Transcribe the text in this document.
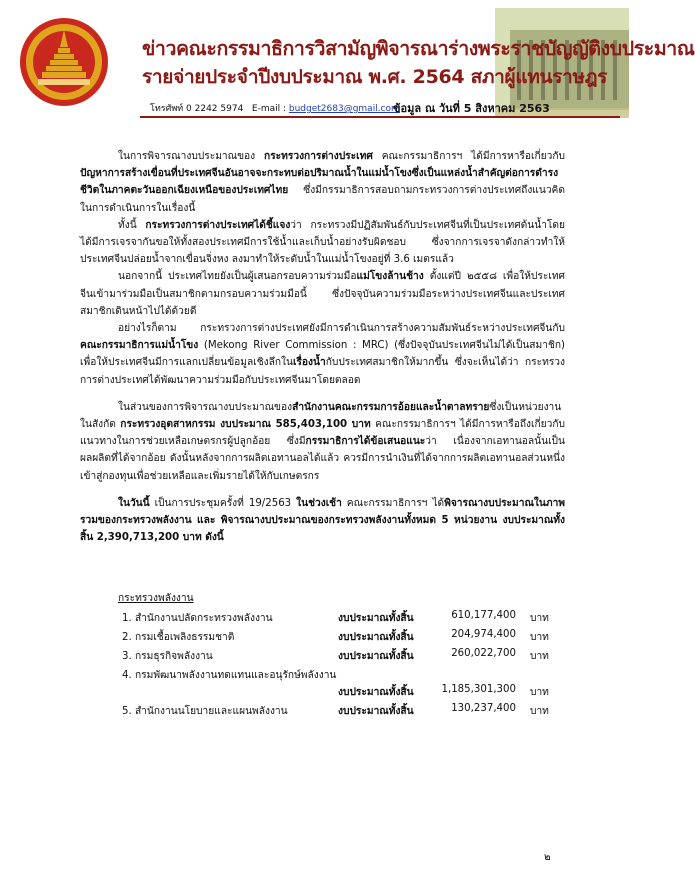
ข่าวคณะกรรมาธิการวิสามัญพิจารณาร่างพระราชบัญญัติงบประมาณ
รายจ่ายประจำปีงบประมาณ พ.ศ. 2564 สภาผู้แทนราษฎร
โทรศัพท์ 0 2242 5974 E-mail : budget2683@gmail.com
ข้อมูล ณ วันที่ 5 สิงหาคม 2563

ในการพิจารณางบประมาณของ กระทรวงการต่างประเทศ คณะกรรมาธิการฯ ได้มีการหารือเกี่ยวกับปัญหาการสร้างเขื่อนที่ประเทศจีนอันอาจจะกระทบต่อปริมาณน้ำในแม่น้ำโขงซึ่งเป็นแหล่งน้ำสำคัญต่อการดำรงชีวิตในภาคตะวันออกเฉียงเหนือของประเทศไทย ซึ่งมีกรรมาธิการสอบถามกระทรวงการต่างประเทศถึงแนวคิดในการดำเนินการในเรื่องนี้

ทั้งนี้ กระทรวงการต่างประเทศได้ชี้แจงว่า กระทรวงมีปฏิสัมพันธ์กับประเทศจีนที่เป็นประเทศต้นน้ำโดยได้มีการเจรจากันขอให้ทั้งสองประเทศมีการใช้น้ำและเก็บน้ำอย่างรับผิดชอบ ซึ่งจากการเจรจาดังกล่าวทำให้ประเทศจีนปล่อยน้ำจากเขื่อนจิ่งหง ลงมาทำให้ระดับน้ำในแม่น้ำโขงอยู่ที่ 3.6 เมตรแล้ว

นอกจากนี้ ประเทศไทยยังเป็นผู้เสนอกรอบความร่วมมือแม่โขงล้านช้าง ตั้งแต่ปี ๒๕๕๘ เพื่อให้ประเทศจีนเข้ามาร่วมมือเป็นสมาชิกตามกรอบความร่วมมือนี้ ซึ่งปัจจุบันความร่วมมือระหว่างประเทศจีนและประเทศสมาชิกเดินหน้าไปได้ด้วยดี

อย่างไรก็ตาม กระทรวงการต่างประเทศยังมีการดำเนินการสร้างความสัมพันธ์ระหว่างประเทศจีนกับ คณะกรรมาธิการแม่น้ำโขง (Mekong River Commission : MRC) (ซึ่งปัจจุบันประเทศจีนไม่ได้เป็นสมาชิก) เพื่อให้ประเทศจีนมีการแลกเปลี่ยนข้อมูลเชิงลึกในเรื่องน้ำกับประเทศสมาชิกให้มากขึ้น ซึ่งจะเห็นได้ว่า กระทรวงการต่างประเทศได้พัฒนาความร่วมมือกับประเทศจีนมาโดยตลอด

ในส่วนของการพิจารณางบประมาณของสำนักงานคณะกรรมการอ้อยและน้ำตาลทรายซึ่งเป็นหน่วยงานในสังกัด กระทรวงอุตสาหกรรม งบประมาณ 585,403,100 บาท คณะกรรมาธิการฯ ได้มีการหารือถึงเกี่ยวกับแนวทางในการช่วยเหลือเกษตรกรผู้ปลูกอ้อย ซึ่งมีกรรมาธิการได้ข้อเสนอแนะว่า เนื่องจากเอทานอลนั้นเป็นผลผลิตที่ได้จากอ้อย ดังนั้นหลังจากการผลิตเอทานอลได้แล้ว ควรมีการนำเงินที่ได้จากการผลิตเอทานอลส่วนหนึ่งเข้าสู่กองทุนเพื่อช่วยเหลือและเพิ่มรายได้ให้กับเกษตรกร

ในวันนี้ เป็นการประชุมครั้งที่ 19/2563 ในช่วงเช้า คณะกรรมาธิการฯ ได้พิจารณางบประมาณในภาพรวมของกระทรวงพลังงาน และ พิจารณางบประมาณของกระทรวงพลังงานทั้งหมด 5 หน่วยงาน งบประมาณทั้งสิ้น 2,390,713,200 บาท ดังนี้

กระทรวงพลังงาน
1. สำนักงานปลัดกระทรวงพลังงาน	งบประมาณทั้งสิ้น	610,177,400 บาท
2. กรมเชื้อเพลิงธรรมชาติ	งบประมาณทั้งสิ้น	204,974,400 บาท
3. กรมธุรกิจพลังงาน	งบประมาณทั้งสิ้น	260,022,700 บาท
4. กรมพัฒนาพลังงานทดแทนและอนุรักษ์พลังงาน
งบประมาณทั้งสิ้น	1,185,301,300 บาท
5. สำนักงานนโยบายและแผนพลังงาน	งบประมาณทั้งสิ้น	130,237,400 บาท
๒
